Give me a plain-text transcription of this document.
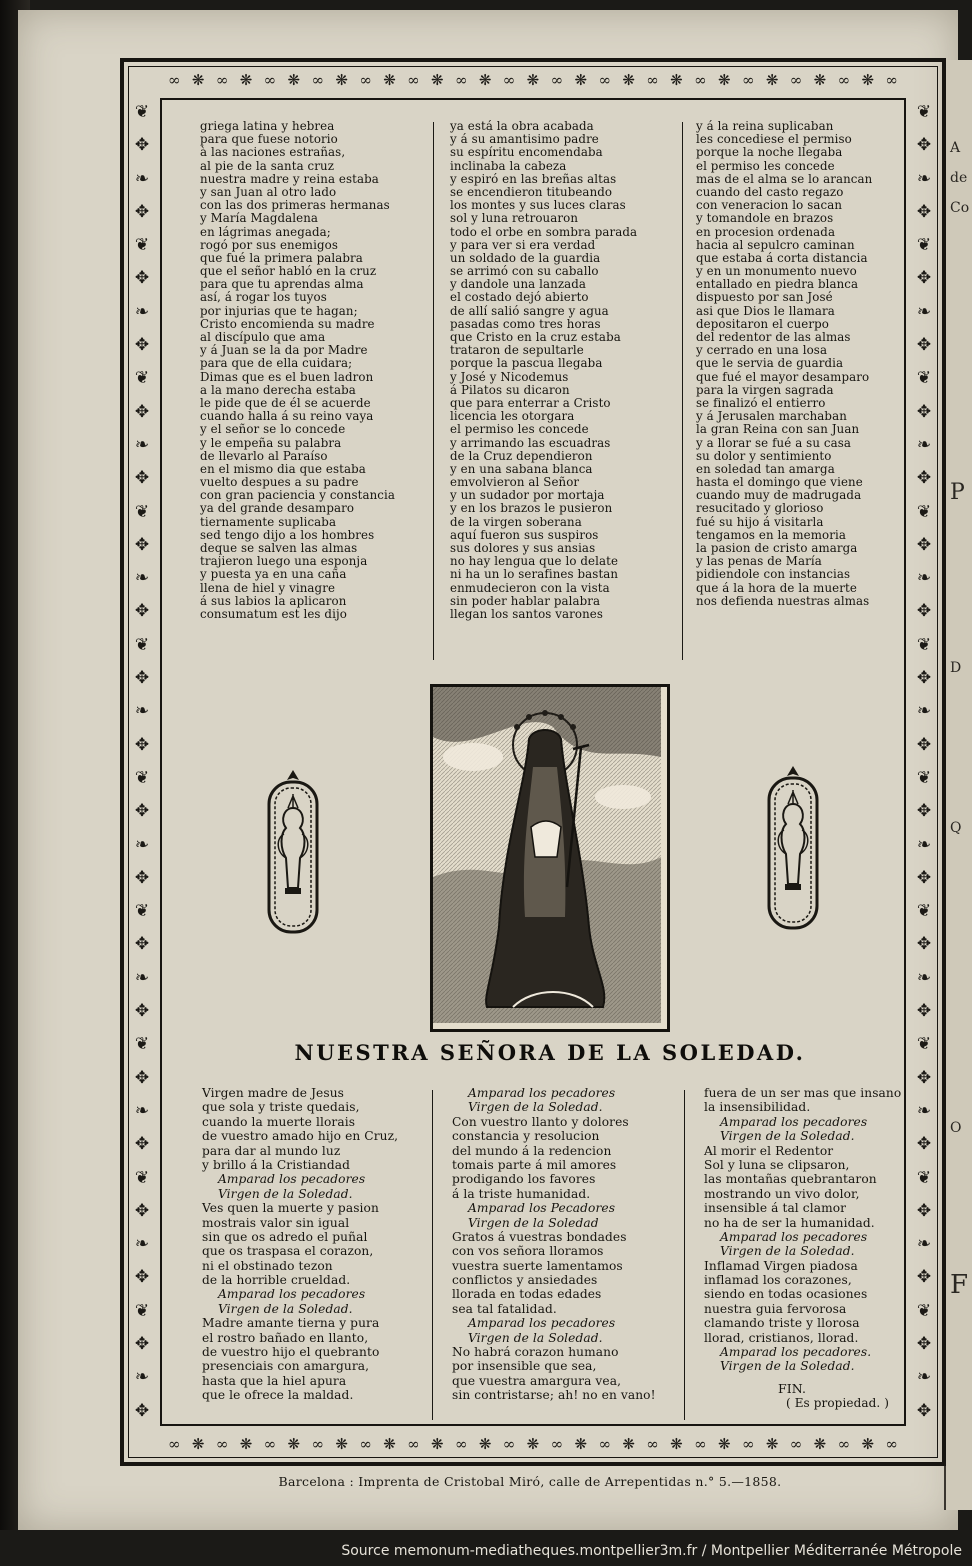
A
de
Co
P
D
Q
O
F
❦
✥
❧
✥
❦
✥
❧
✥
❦
✥
❧
✥
❦
✥
❧
✥
❦
✥
❧
✥
❦
✥
❧
✥
❦
✥
❧
✥
❦
✥
❧
✥
❦
✥
❧
✥
❦
✥
❧
✥
❦
✥
❧
✥
❦
✥
❧
✥
❦
✥
❧
✥
❦
✥
❧
✥
❦
✥
❧
✥
❦
✥
❧
✥
❦
✥
❧
✥
❦
✥
❧
✥
❦
✥
❧
✥
❦
✥
❧
✥
∞ ❋ ∞ ❋ ∞ ❋ ∞ ❋ ∞ ❋ ∞ ❋ ∞ ❋ ∞ ❋ ∞ ❋ ∞ ❋ ∞ ❋ ∞ ❋ ∞ ❋ ∞ ❋ ∞ ❋ ∞
∞ ❋ ∞ ❋ ∞ ❋ ∞ ❋ ∞ ❋ ∞ ❋ ∞ ❋ ∞ ❋ ∞ ❋ ∞ ❋ ∞ ❋ ∞ ❋ ∞ ❋ ∞ ❋ ∞ ❋ ∞
griega latina y hebrea
para que fuese notorio
à las naciones estrañas,
al pie de la santa cruz
nuestra madre y reina estaba
y san Juan al otro lado
con las dos primeras hermanas
y María Magdalena
en lágrimas anegada;
rogó por sus enemigos
que fué la primera palabra
que el señor habló en la cruz
para que tu aprendas alma
así, á rogar los tuyos
por injurias que te hagan;
Cristo encomienda su madre
al discípulo que ama
y á Juan se la da por Madre
para que de ella cuidara;
Dimas que es el buen ladron
a la mano derecha estaba
le pide que de él se acuerde
cuando halla á su reino vaya
y el señor se lo concede
y le empeña su palabra
de llevarlo al Paraíso
en el mismo dia que estaba
vuelto despues a su padre
con gran paciencia y constancia
ya del grande desamparo
tiernamente suplicaba
sed tengo dijo a los hombres
deque se salven las almas
trajieron luego una esponja
y puesta ya en una caña
llena de hiel y vinagre
á sus labios la aplicaron
consumatum est les dijo
ya está la obra acabada
y á su amantisimo padre
su espíritu encomendaba
inclinaba la cabeza
y espiró en las breñas altas
se encendieron titubeando
los montes y sus luces claras
sol y luna retrouaron
todo el orbe en sombra parada
y para ver si era verdad
un soldado de la guardia
se arrimó con su caballo
y dandole una lanzada
el costado dejó abierto
de allí salió sangre y agua
pasadas como tres horas
que Cristo en la cruz estaba
trataron de sepultarle
porque la pascua llegaba
y José y Nicodemus
á Pilatos su dicaron
que para enterrar a Cristo
licencia les otorgara
el permiso les concede
y arrimando las escuadras
de la Cruz dependieron
y en una sabana blanca
emvolvieron al Señor
y un sudador por mortaja
y en los brazos le pusieron
de la virgen soberana
aquí fueron sus suspiros
sus dolores y sus ansias
no hay lengua que lo delate
ni ha un lo serafines bastan
enmudecieron con la vista
sin poder hablar palabra
llegan los santos varones
y á la reina suplicaban
les concediese el permiso
porque la noche llegaba
el permiso les concede
mas de el alma se lo arancan
cuando del casto regazo
con veneracion lo sacan
y tomandole en brazos
en procesion ordenada
hacia al sepulcro caminan
que estaba á corta distancia
y en un monumento nuevo
entallado en piedra blanca
dispuesto por san José
asi que Dios le llamara
depositaron el cuerpo
del redentor de las almas
y cerrado en una losa
que le servia de guardia
que fué el mayor desamparo
para la virgen sagrada
se finalizó el entierro
y á Jerusalen marchaban
la gran Reina con san Juan
y a llorar se fué a su casa
su dolor y sentimiento
en soledad tan amarga
hasta el domingo que viene
cuando muy de madrugada
resucitado y glorioso
fué su hijo á visitarla
tengamos en la memoria
la pasion de cristo amarga
y las penas de María
pidiendole con instancias
que á la hora de la muerte
nos defienda nuestras almas
NUESTRA SEÑORA DE LA SOLEDAD.
Virgen madre de Jesus
que sola y triste quedais,
cuando la muerte llorais
de vuestro amado hijo en Cruz,
para dar al mundo luz
y brillo á la Cristiandad
Amparad los pecadores
Virgen de la Soledad.
Ves quen la muerte y pasion
mostrais valor sin igual
sin que os adredo el puñal
que os traspasa el corazon,
ni el obstinado tezon
de la horrible crueldad.
Amparad los pecadores
Virgen de la Soledad.
Madre amante tierna y pura
el rostro bañado en llanto,
de vuestro hijo el quebranto
presenciais con amargura,
hasta que la hiel apura
que le ofrece la maldad.
Amparad los pecadores
Virgen de la Soledad.
Con vuestro llanto y dolores
constancia y resolucion
del mundo á la redencion
tomais parte á mil amores
prodigando los favores
á la triste humanidad.
Amparad los Pecadores
Virgen de la Soledad
Gratos á vuestras bondades
con vos señora lloramos
vuestra suerte lamentamos
conflictos y ansiedades
llorada en todas edades
sea tal fatalidad.
Amparad los pecadores
Virgen de la Soledad.
No habrá corazon humano
por insensible que sea,
que vuestra amargura vea,
sin contristarse; ah! no en vano!
fuera de un ser mas que insano
la insensibilidad.
Amparad los pecadores
Virgen de la Soledad.
Al morir el Redentor
Sol y luna se clipsaron,
las montañas quebrantaron
mostrando un vivo dolor,
insensible á tal clamor
no ha de ser la humanidad.
Amparad los pecadores
Virgen de la Soledad.
Inflamad Virgen piadosa
inflamad los corazones,
siendo en todas ocasiones
nuestra guia fervorosa
clamando triste y llorosa
llorad, cristianos, llorad.
Amparad los pecadores.
Virgen de la Soledad.
FIN.
( Es propiedad. )
Barcelona : Imprenta de Cristobal Miró, calle de Arrepentidas n.° 5.—1858.
Source memonum-mediatheques.montpellier3m.fr / Montpellier Méditerranée Métropole
